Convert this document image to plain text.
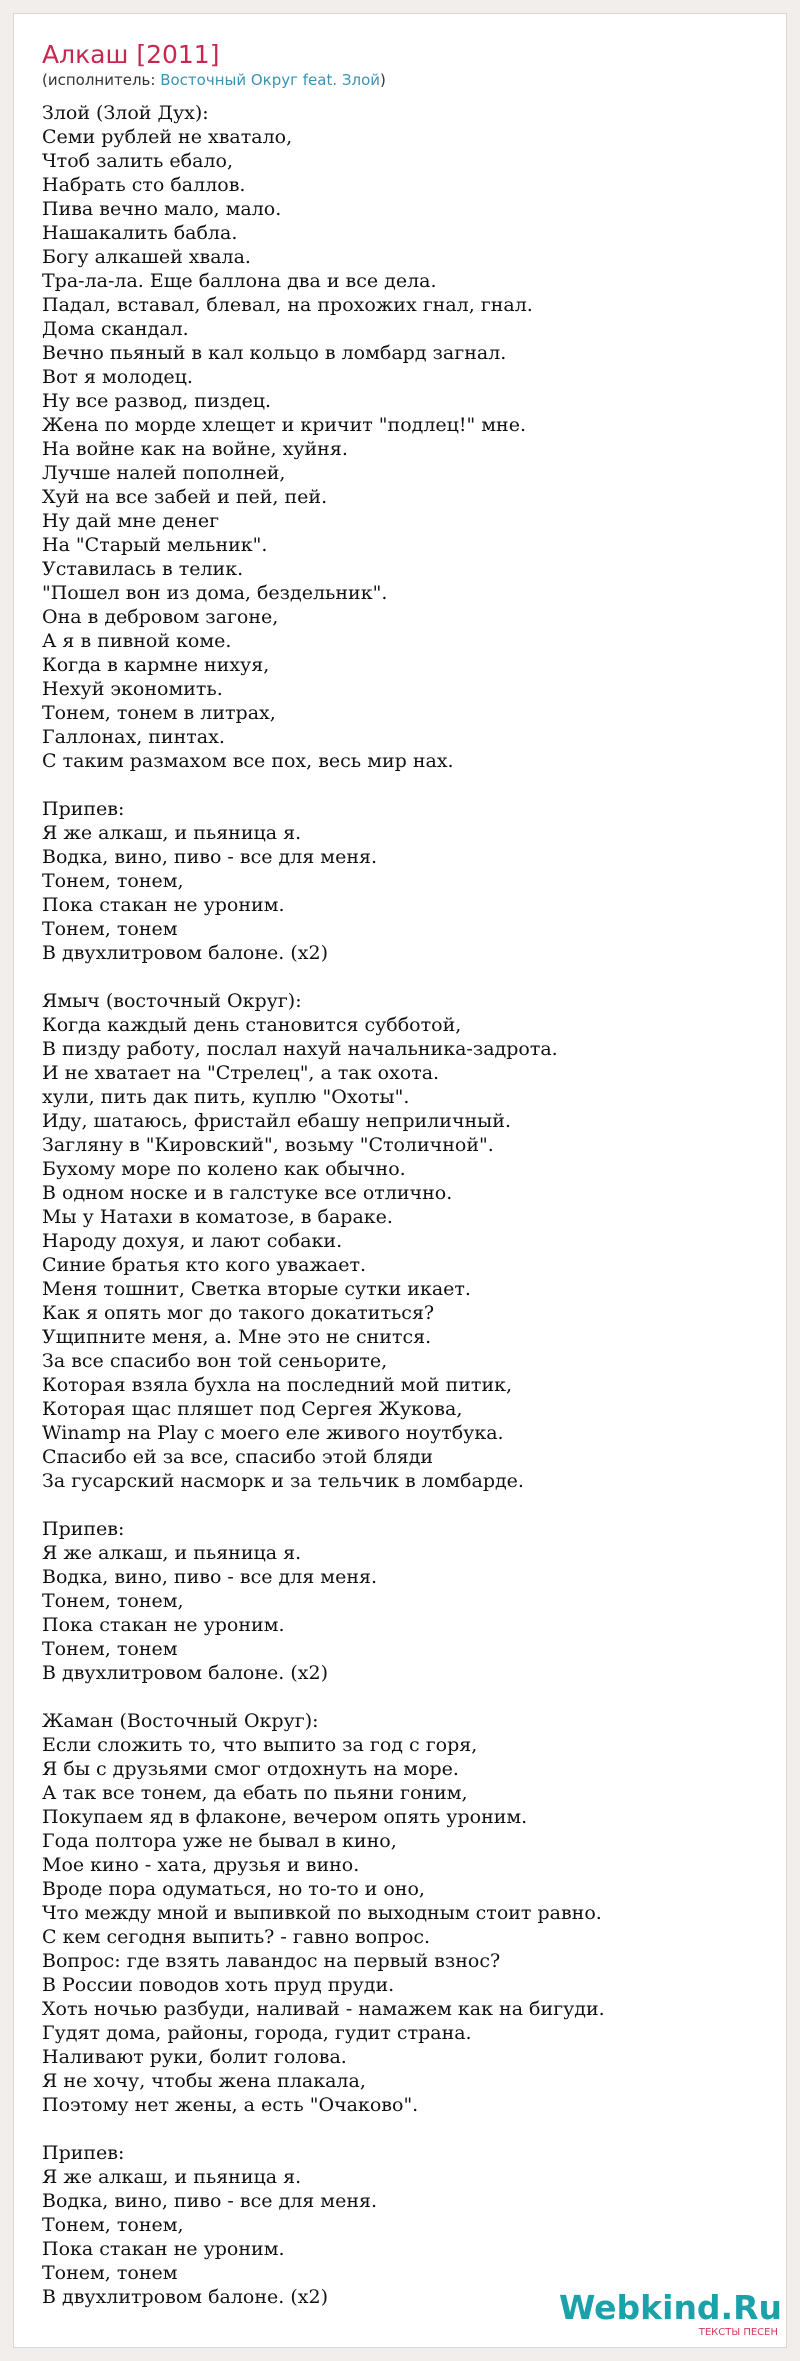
Алкаш [2011]
(исполнитель: Восточный Округ feat. Злой)
Злой (Злой Дух):
Семи рублей не хватало,
Чтоб залить ебало,
Набрать сто баллов.
Пива вечно мало, мало.
Нашакалить бабла.
Богу алкашей хвала.
Тра-ла-ла. Еще баллона два и все дела.
Падал, вставал, блевал, на прохожих гнал, гнал.
Дома скандал.
Вечно пьяный в кал кольцо в ломбард загнал.
Вот я молодец.
Ну все развод, пиздец.
Жена по морде хлещет и кричит "подлец!" мне.
На войне как на войне, хуйня.
Лучше налей пополней,
Хуй на все забей и пей, пей.
Ну дай мне денег
На "Старый мельник".
Уставилась в телик.
"Пошел вон из дома, бездельник".
Она в дебровом загоне,
А я в пивной коме.
Когда в кармне нихуя,
Нехуй экономить.
Тонем, тонем в литрах,
Галлонах, пинтах.
С таким размахом все пох, весь мир нах.
Припев:
Я же алкаш, и пьяница я.
Водка, вино, пиво - все для меня.
Тонем, тонем,
Пока стакан не уроним.
Тонем, тонем
В двухлитровом балоне. (x2)
Ямыч (восточный Округ):
Когда каждый день становится субботой,
В пизду работу, послал нахуй начальника-задрота.
И не хватает на "Стрелец", а так охота.
хули, пить дак пить, куплю "Охоты".
Иду, шатаюсь, фристайл ебашу неприличный.
Загляну в "Кировский", возьму "Столичной".
Бухому море по колено как обычно.
В одном носке и в галстуке все отлично.
Мы у Натахи в коматозе, в бараке.
Народу дохуя, и лают собаки.
Синие братья кто кого уважает.
Меня тошнит, Светка вторые сутки икает.
Как я опять мог до такого докатиться?
Ущипните меня, а. Мне это не снится.
За все спасибо вон той сеньорите,
Которая взяла бухла на последний мой питик,
Которая щас пляшет под Сергея Жукова,
Winamp на Play с моего еле живого ноутбука.
Спасибо ей за все, спасибо этой бляди
За гусарский насморк и за тельчик в ломбарде.
Припев:
Я же алкаш, и пьяница я.
Водка, вино, пиво - все для меня.
Тонем, тонем,
Пока стакан не уроним.
Тонем, тонем
В двухлитровом балоне. (x2)
Жаман (Восточный Округ):
Если сложить то, что выпито за год с горя,
Я бы с друзьями смог отдохнуть на море.
А так все тонем, да ебать по пьяни гоним,
Покупаем яд в флаконе, вечером опять уроним.
Года полтора уже не бывал в кино,
Мое кино - хата, друзья и вино.
Вроде пора одуматься, но то-то и оно,
Что между мной и выпивкой по выходным стоит равно.
С кем сегодня выпить? - гавно вопрос.
Вопрос: где взять лавандос на первый взнос?
В России поводов хоть пруд пруди.
Хоть ночью разбуди, наливай - намажем как на бигуди.
Гудят дома, районы, города, гудит страна.
Наливают руки, болит голова.
Я не хочу, чтобы жена плакала,
Поэтому нет жены, а есть "Очаково".
Припев:
Я же алкаш, и пьяница я.
Водка, вино, пиво - все для меня.
Тонем, тонем,
Пока стакан не уроним.
Тонем, тонем
В двухлитровом балоне. (x2)	Webkind.Ru
ТЕКСТЫ ПЕСЕН
